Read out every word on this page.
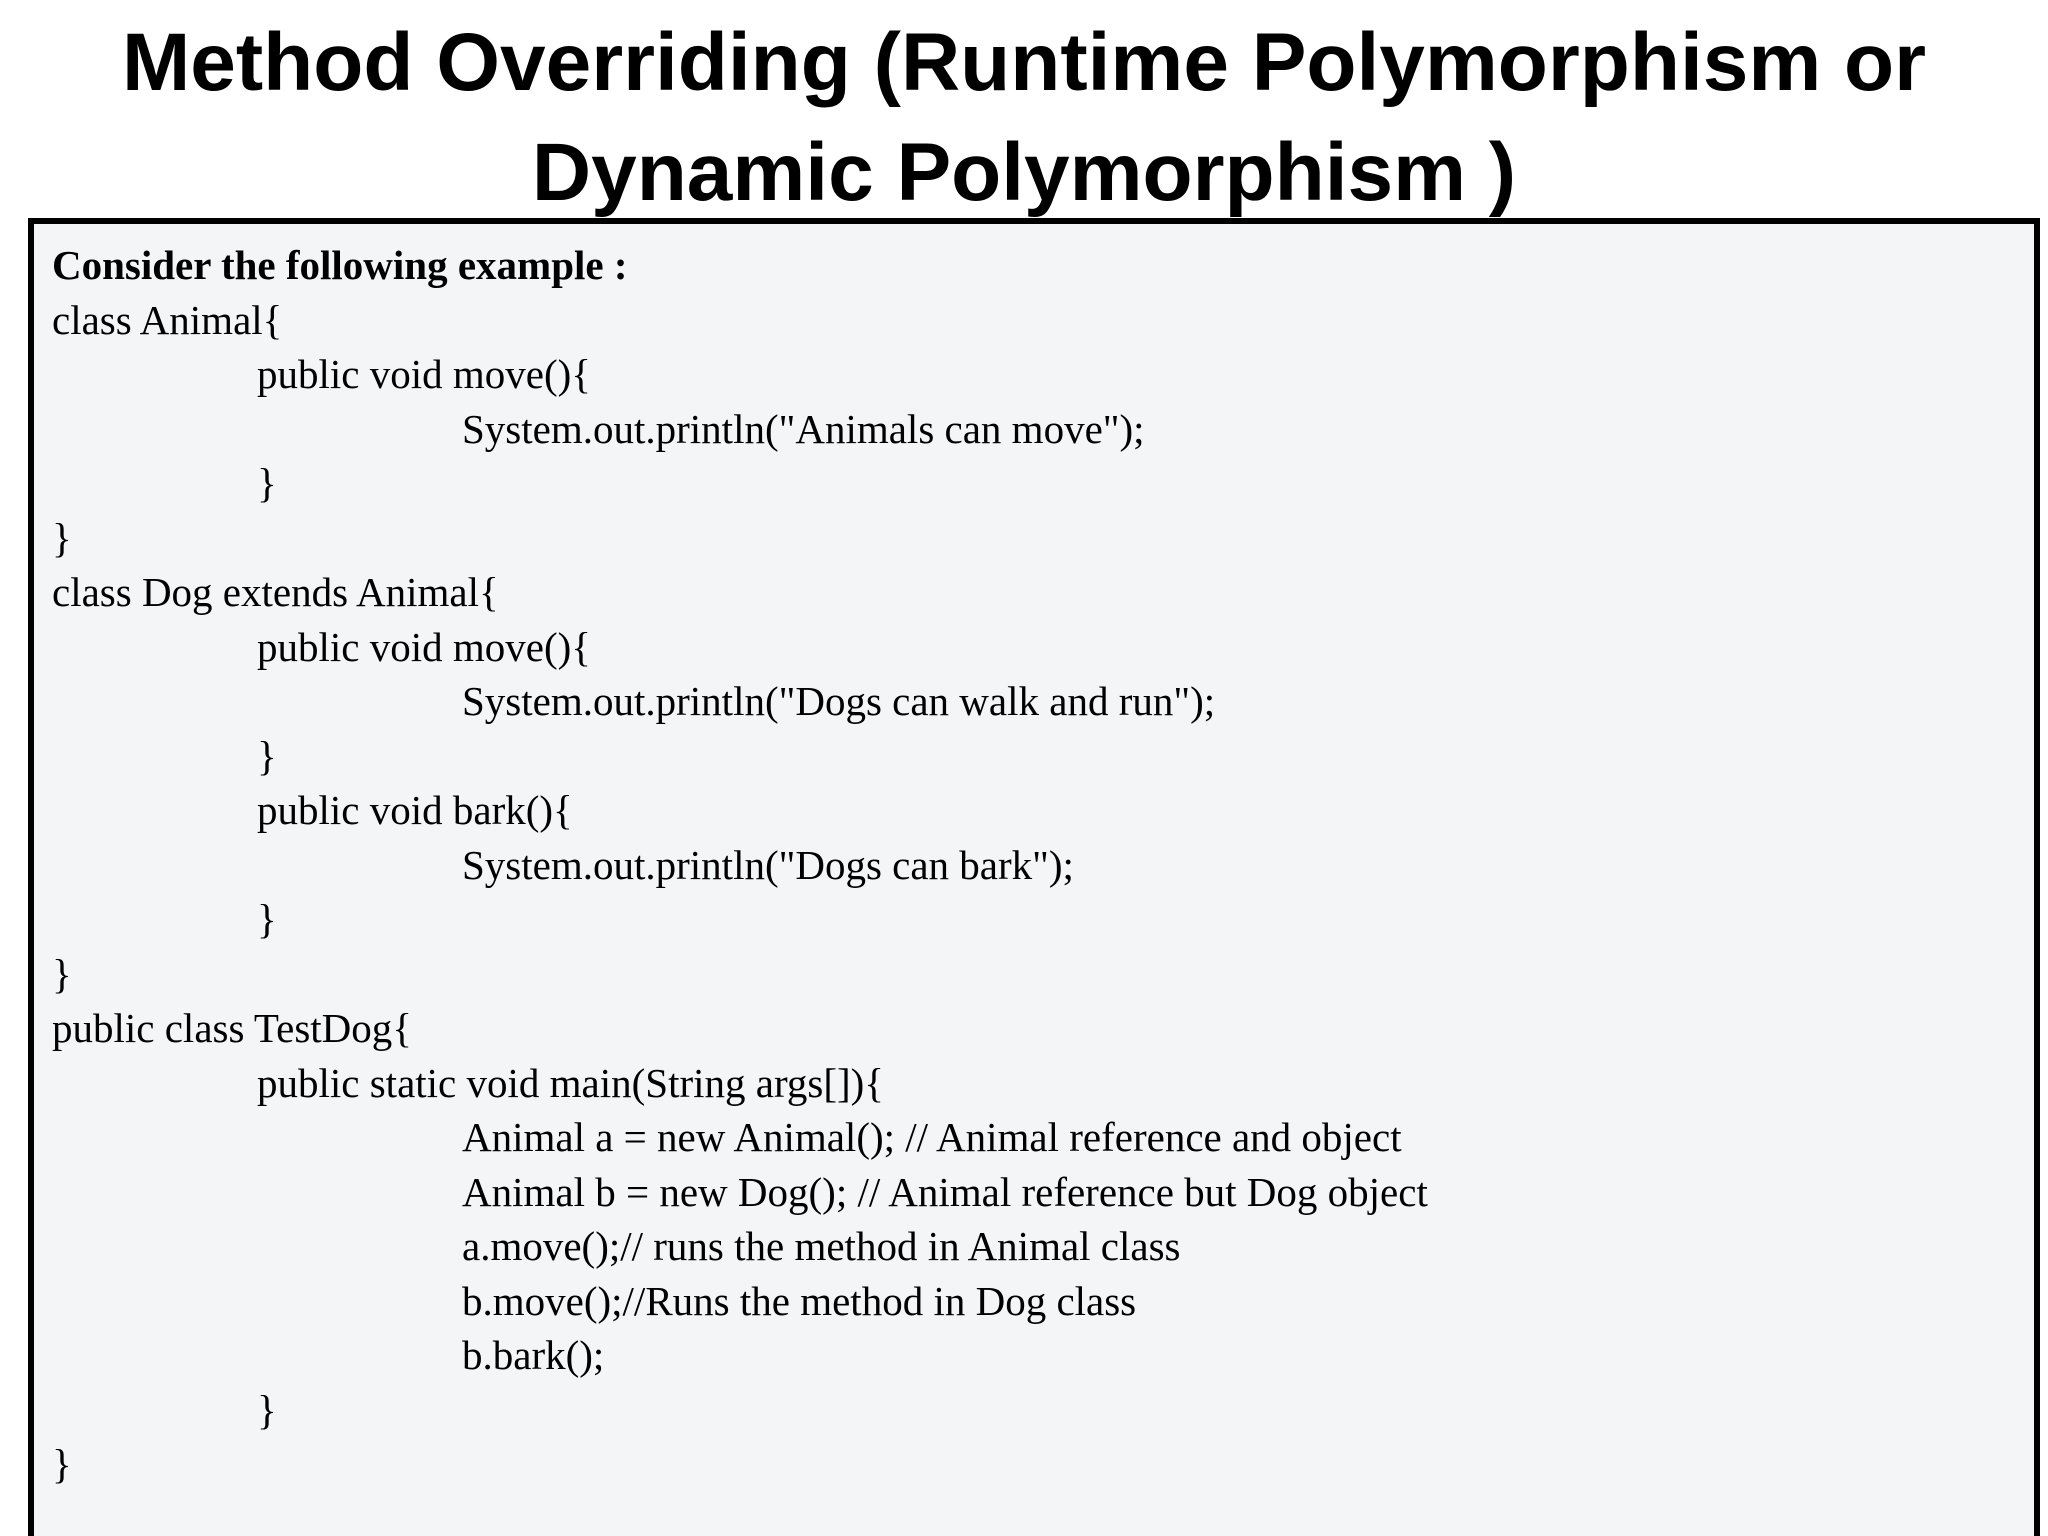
Method Overriding (Runtime Polymorphism or
Dynamic Polymorphism )
Consider the following example :
class Animal{
public void move(){
System.out.println("Animals can move");
}
}
class Dog extends Animal{
public void move(){
System.out.println("Dogs can walk and run");
}
public void bark(){
System.out.println("Dogs can bark");
}
}
public class TestDog{
public static void main(String args[]){
Animal a = new Animal(); // Animal reference and object
Animal b = new Dog(); // Animal reference but Dog object
a.move();// runs the method in Animal class
b.move();//Runs the method in Dog class
b.bark();
}
}
